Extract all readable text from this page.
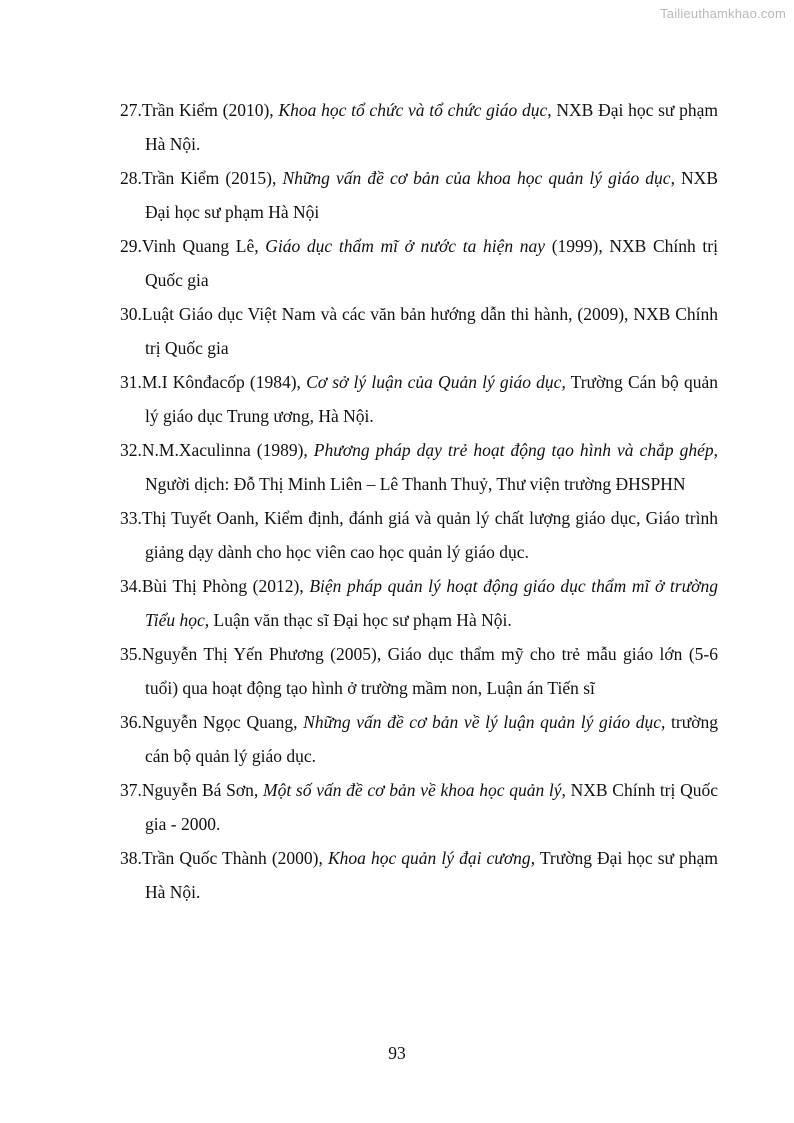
Tailieuthamkhao.com
27.Trần Kiểm (2010), Khoa học tổ chức và tổ chức giáo dục, NXB Đại học sư phạm Hà Nội.
28.Trần Kiểm (2015), Những vấn đề cơ bản của khoa học quản lý giáo dục, NXB Đại học sư phạm Hà Nội
29.Vinh Quang Lê, Giáo dục thẩm mĩ ở nước ta hiện nay (1999), NXB Chính trị Quốc gia
30.Luật Giáo dục Việt Nam và các văn bản hướng dẫn thi hành, (2009), NXB Chính trị Quốc gia
31.M.I Kônđacốp (1984), Cơ sở lý luận của Quản lý giáo dục, Trường Cán bộ quản lý giáo dục Trung ương, Hà Nội.
32.N.M.Xaculinna (1989), Phương pháp dạy trẻ hoạt động tạo hình và chắp ghép, Người dịch: Đỗ Thị Minh Liên – Lê Thanh Thuỷ, Thư viện trường ĐHSPHN
33.Thị Tuyết Oanh, Kiểm định, đánh giá và quản lý chất lượng giáo dục, Giáo trình giảng dạy dành cho học viên cao học quản lý giáo dục.
34.Bùi Thị Phòng (2012), Biện pháp quản lý hoạt động giáo dục thẩm mĩ ở trường Tiểu học, Luận văn thạc sĩ Đại học sư phạm Hà Nội.
35.Nguyễn Thị Yến Phương (2005), Giáo dục thẩm mỹ cho trẻ mẫu giáo lớn (5-6 tuổi) qua hoạt động tạo hình ở trường mầm non, Luận án Tiến sĩ
36.Nguyễn Ngọc Quang, Những vấn đề cơ bản về lý luận quản lý giáo dục, trường cán bộ quản lý giáo dục.
37.Nguyễn Bá Sơn, Một số vấn đề cơ bản về khoa học quản lý, NXB Chính trị Quốc gia - 2000.
38.Trần Quốc Thành (2000), Khoa học quản lý đại cương, Trường Đại học sư phạm Hà Nội.
93
